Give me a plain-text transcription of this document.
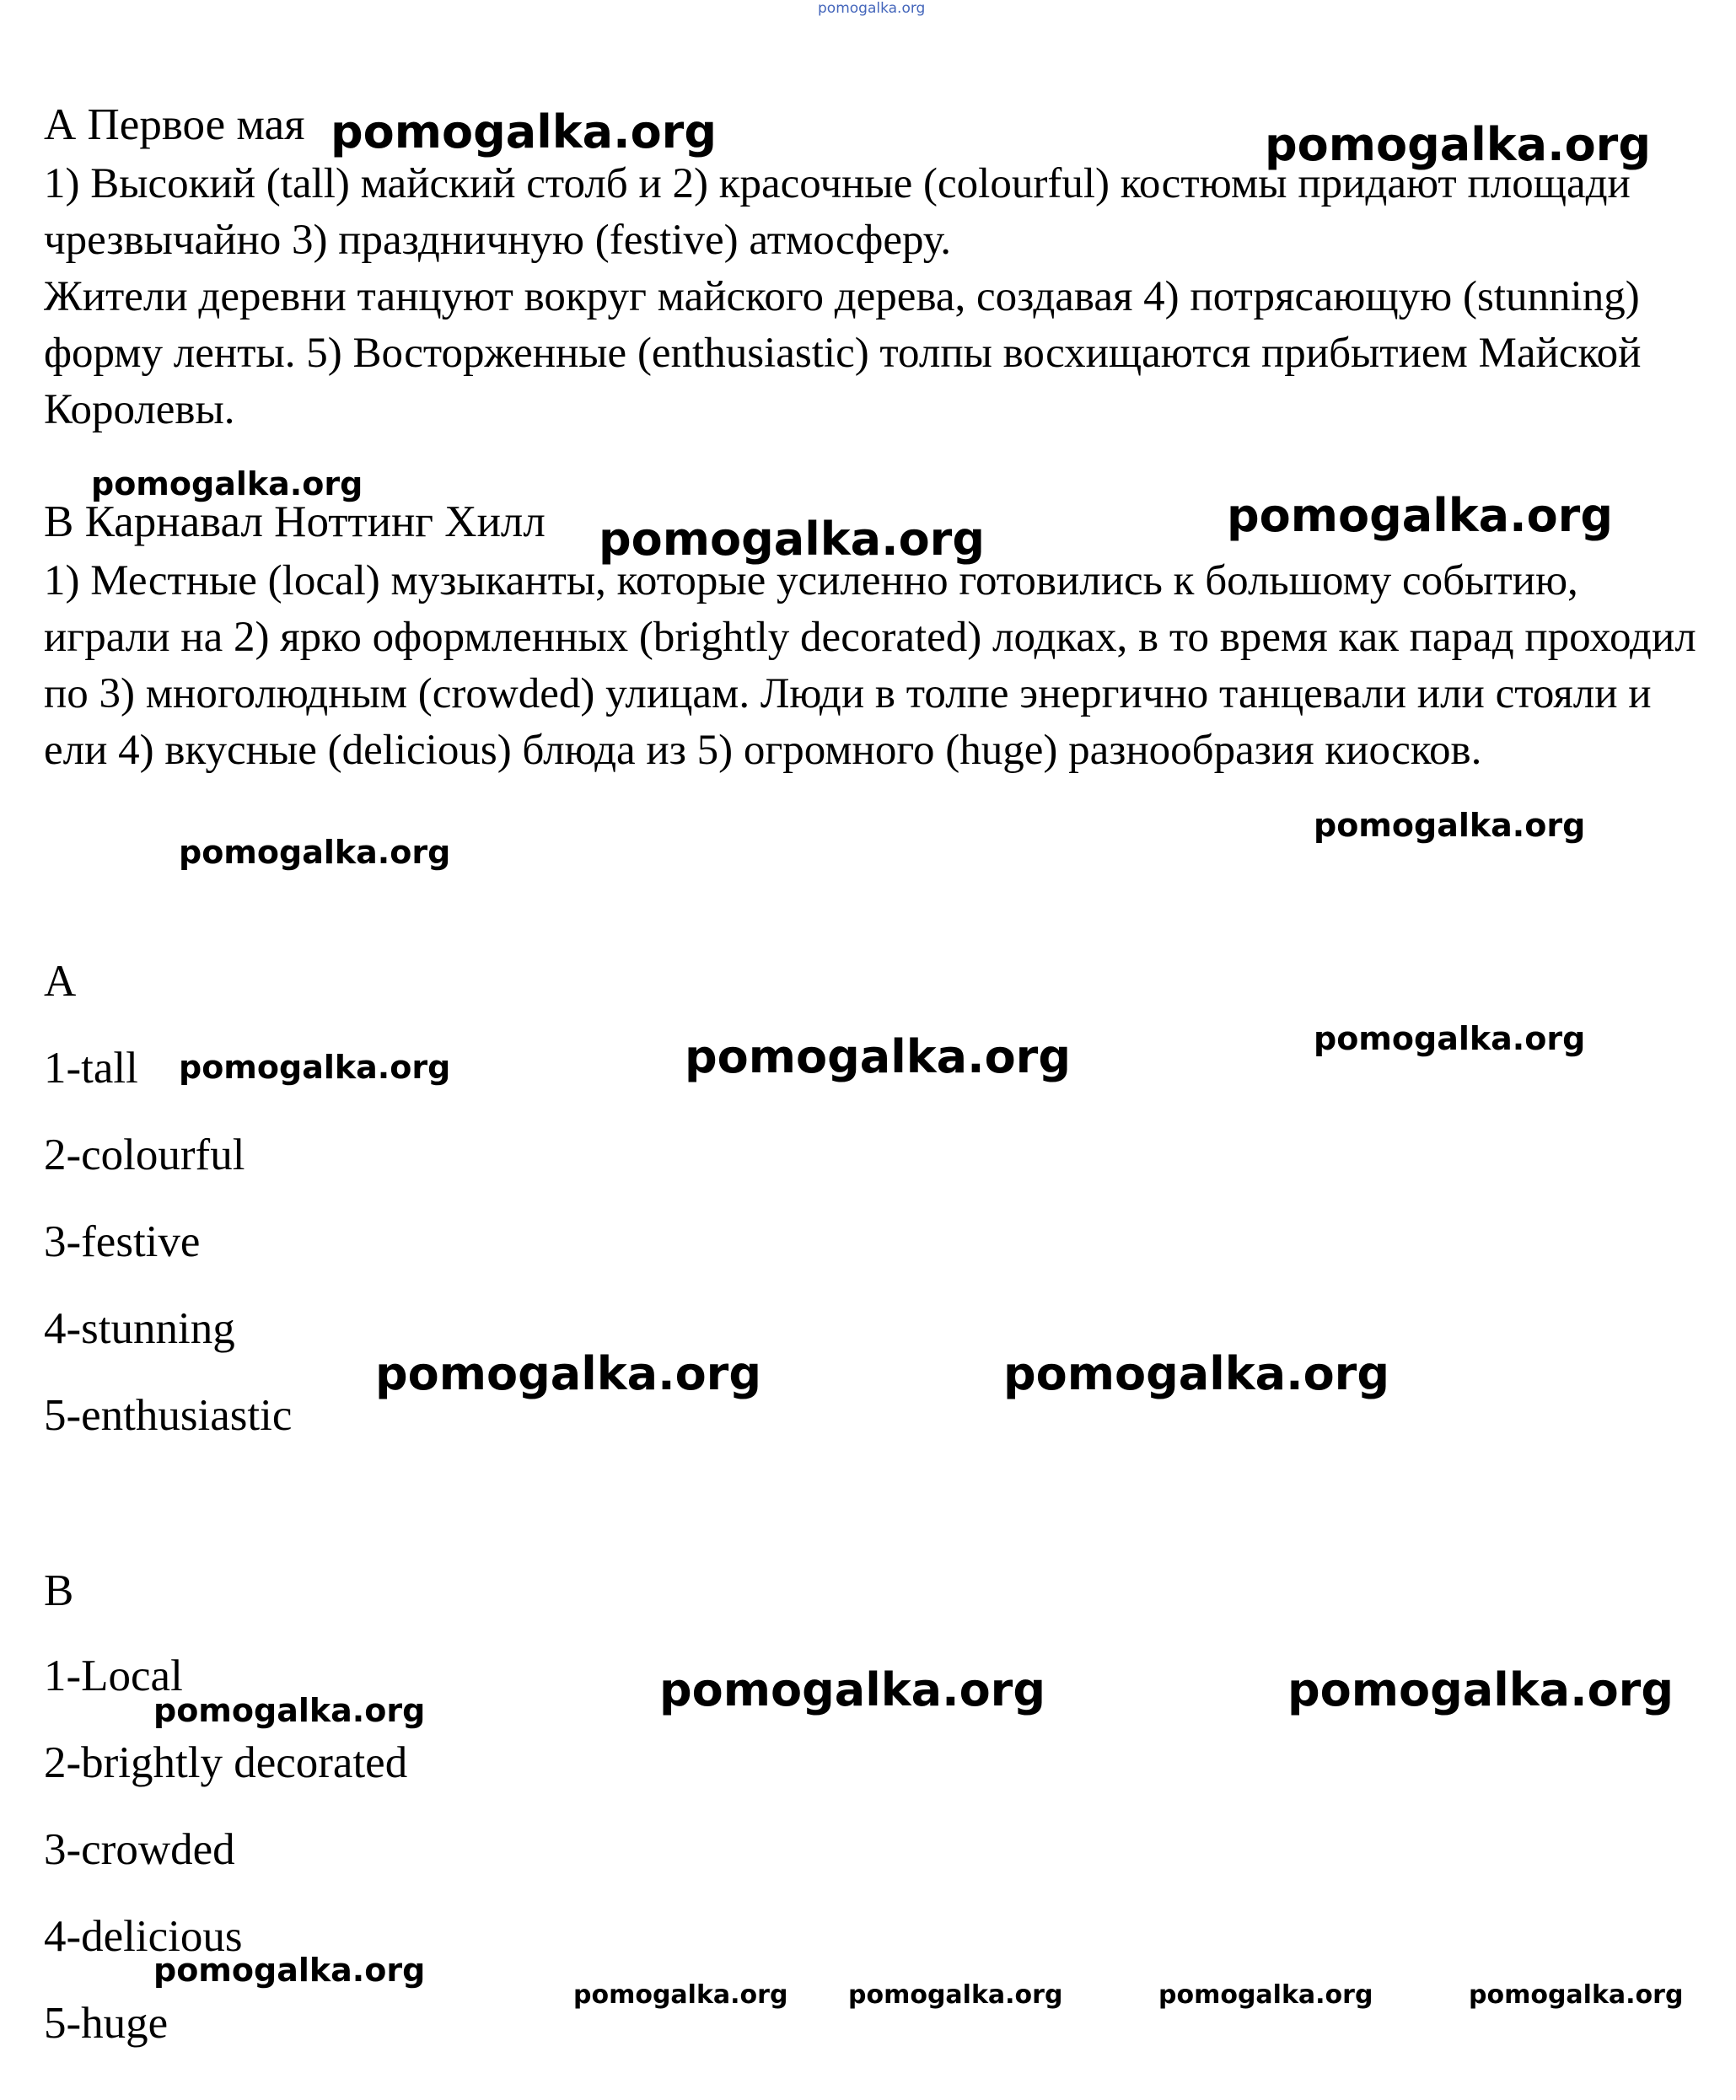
А Первое мая
1) Высокий (tall) майский столб и 2) красочные (colourful) костюмы придают площади чрезвычайно 3) праздничную (festive) атмосферу.
Жители деревни танцуют вокруг майского дерева, создавая 4) потрясающую (stunning) форму ленты. 5) Восторженные (enthusiastic) толпы восхищаются прибытием Майской Королевы.
B Карнавал Ноттинг Хилл
1) Местные (local) музыканты, которые усиленно готовились к большому событию, играли на 2) ярко оформленных (brightly decorated) лодках, в то время как парад проходил по 3) многолюдным (crowded) улицам. Люди в толпе энергично танцевали или стояли и ели 4) вкусные (delicious) блюда из 5) огромного (huge) разнообразия киосков.
A
1-tall
2-colourful
3-festive
4-stunning
5-enthusiastic
B
1-Local
2-brightly decorated
3-crowded
4-delicious
5-huge
pomogalka.org
pomogalka.org	pomogalka.org
pomogalka.org
pomogalka.org	pomogalka.org
pomogalka.org
pomogalka.org
pomogalka.org	pomogalka.org	pomogalka.org
pomogalka.org	pomogalka.org
pomogalka.org	pomogalka.org	pomogalka.org
pomogalka.org
pomogalka.org pomogalka.org	pomogalka.org	pomogalka.org
